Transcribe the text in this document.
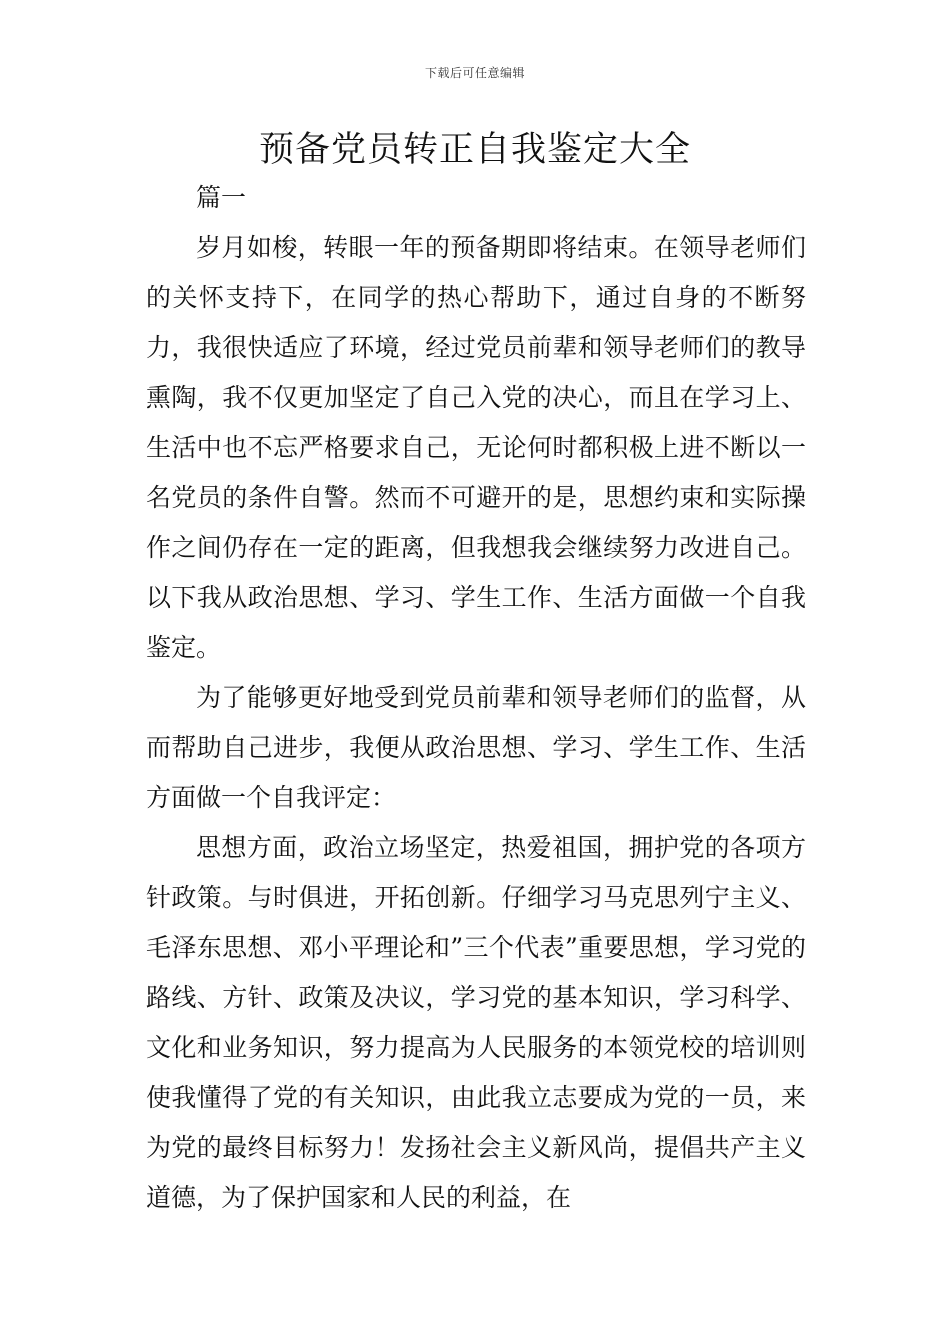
下载后可任意编辑
预备党员转正自我鉴定大全

篇一

岁月如梭，转眼一年的预备期即将结束。在领导老师们的关怀支持下，在同学的热心帮助下，通过自身的不断努力，我很快适应了环境，经过党员前辈和领导老师们的教导熏陶，我不仅更加坚定了自己入党的决心，而且在学习上、生活中也不忘严格要求自己，无论何时都积极上进不断以一名党员的条件自警。然而不可避开的是，思想约束和实际操作之间仍存在一定的距离，但我想我会继续努力改进自己。以下我从政治思想、学习、学生工作、生活方面做一个自我鉴定。

为了能够更好地受到党员前辈和领导老师们的监督，从而帮助自己进步，我便从政治思想、学习、学生工作、生活方面做一个自我评定：

思想方面，政治立场坚定，热爱祖国，拥护党的各项方针政策。与时俱进，开拓创新。仔细学习马克思列宁主义、毛泽东思想、邓小平理论和”三个代表”重要思想，学习党的路线、方针、政策及决议，学习党的基本知识，学习科学、文化和业务知识，努力提高为人民服务的本领党校的培训则使我懂得了党的有关知识，由此我立志要成为党的一员，来为党的最终目标努力！发扬社会主义新风尚，提倡共产主义道德，为了保护国家和人民的利益，在
